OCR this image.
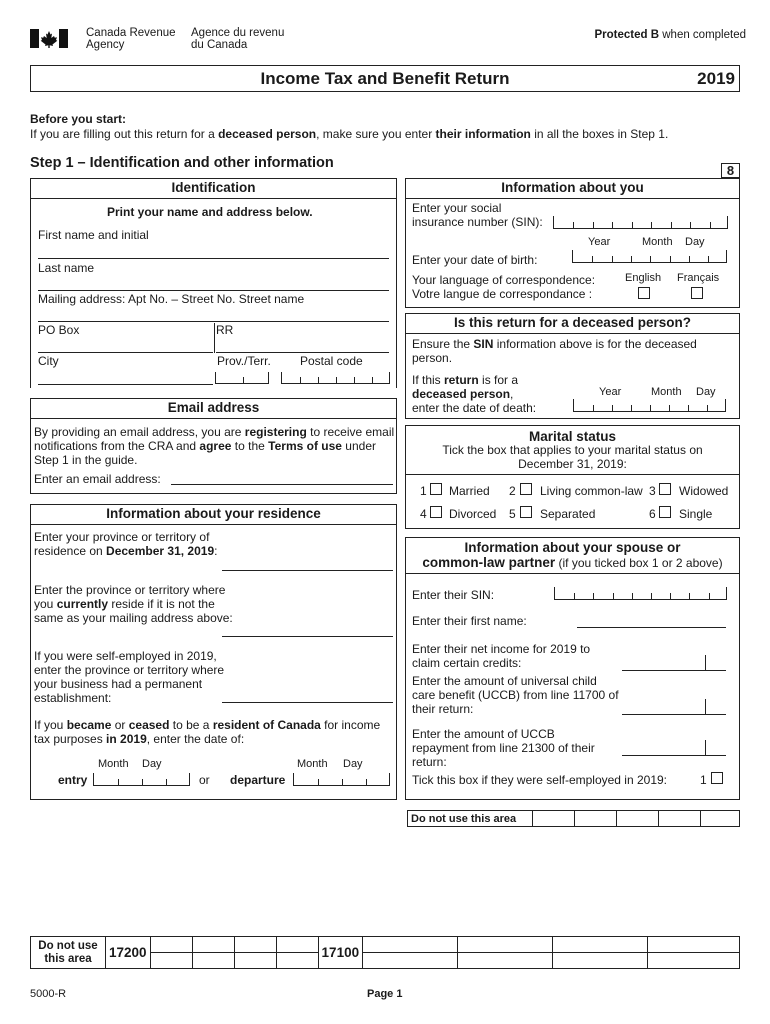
Canada Revenue
Agency
Agence du revenu
du Canada
Protected B when completed
Income Tax and Benefit Return	2019
Before you start:
If you are filling out this return for a deceased person, make sure you enter their information in all the boxes in Step 1.
Step 1 – Identification and other information	8
Identification
Print your name and address below.
First name and initial
Last name
Mailing address: Apt No. – Street No. Street name
PO Box	RR
City	Prov./Terr. Postal code
Email address
By providing an email address, you are registering to receive email notifications from the CRA and agree to the Terms of use under Step 1 in the guide.
Enter an email address:
Information about your residence
Enter your province or territory of residence on December 31, 2019:
Enter the province or territory where you currently reside if it is not the same as your mailing address above:
If you were self-employed in 2019, enter the province or territory where your business had a permanent establishment:
If you became or ceased to be a resident of Canada for income tax purposes in 2019, enter the date of:
Month Day
entry	or
Month Day
departure
Information about you
Enter your social
insurance number (SIN):
Year	Month Day
Enter your date of birth:
English Français
Your language of correspondence:
Votre langue de correspondance :
Is this return for a deceased person?
Ensure the SIN information above is for the deceased person.
If this return is for a
deceased person,
enter the date of death:
Year	Month Day
Marital status
Tick the box that applies to your marital status on December 31, 2019:
1 Married 2 Living common-law 3 Widowed
4 Divorced 5 Separated	6 Single
Information about your spouse or
common-law partner (if you ticked box 1 or 2 above)
Enter their SIN:
Enter their first name:
Enter their net income for 2019 to claim certain credits:
Enter the amount of universal child care benefit (UCCB) from line 11700 of their return:
Enter the amount of UCCB repayment from line 21300 of their return:
Tick this box if they were self-employed in 2019:	1
Do not use this area					
Do not use
this area	17200					17100				

5000-R	Page 1
